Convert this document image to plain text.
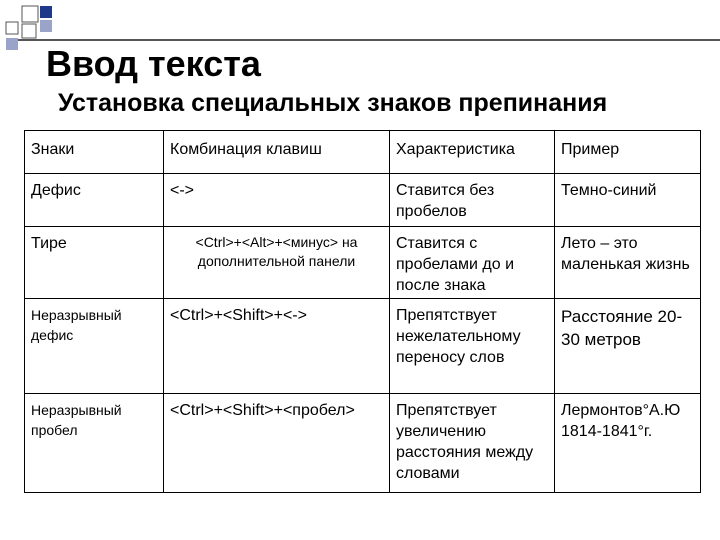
Ввод текста
Установка специальных знаков препинания
Знаки	Комбинация клавиш	Характеристика	Пример
Дефис	<->	Ставится без пробелов	Темно-синий
Тире	<Ctrl>+<Alt>+<минус> на дополнительной панели	Ставится с пробелами до и после знака	Лето – это маленькая жизнь
Неразрывный дефис	<Ctrl>+<Shift>+<->	Препятствует нежелательному переносу слов	Расстояние 20-30 метров
Неразрывный пробел	<Ctrl>+<Shift>+<пробел>	Препятствует увеличению расстояния между словами	Лермонтов°А.Ю 1814-1841°г.
